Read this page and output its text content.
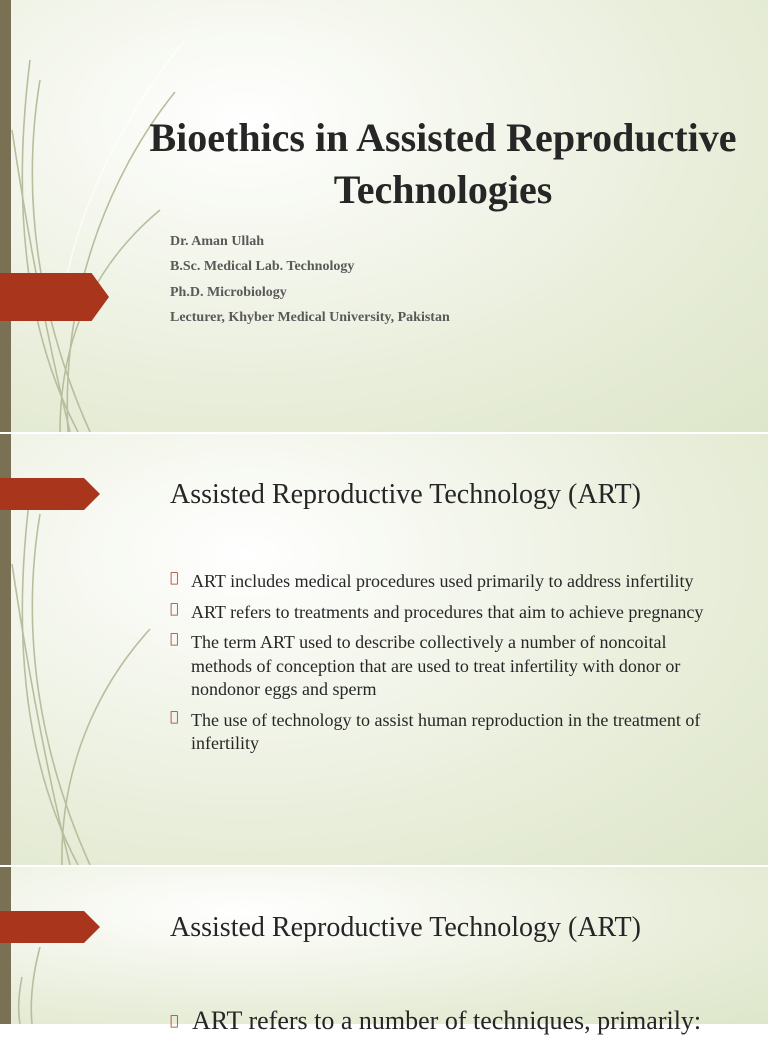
Bioethics in Assisted Reproductive Technologies
Dr. Aman Ullah
B.Sc. Medical Lab. Technology
Ph.D. Microbiology
Lecturer, Khyber Medical University, Pakistan
Assisted Reproductive Technology (ART)
ART includes medical procedures used primarily to address infertility
ART refers to treatments and procedures that aim to achieve pregnancy
The term ART used to describe collectively a number of noncoital methods of conception that are used to treat infertility with donor or nondonor eggs and sperm
The use of technology to assist human reproduction in the treatment of infertility
Assisted Reproductive Technology (ART)
ART refers to a number of techniques, primarily:
